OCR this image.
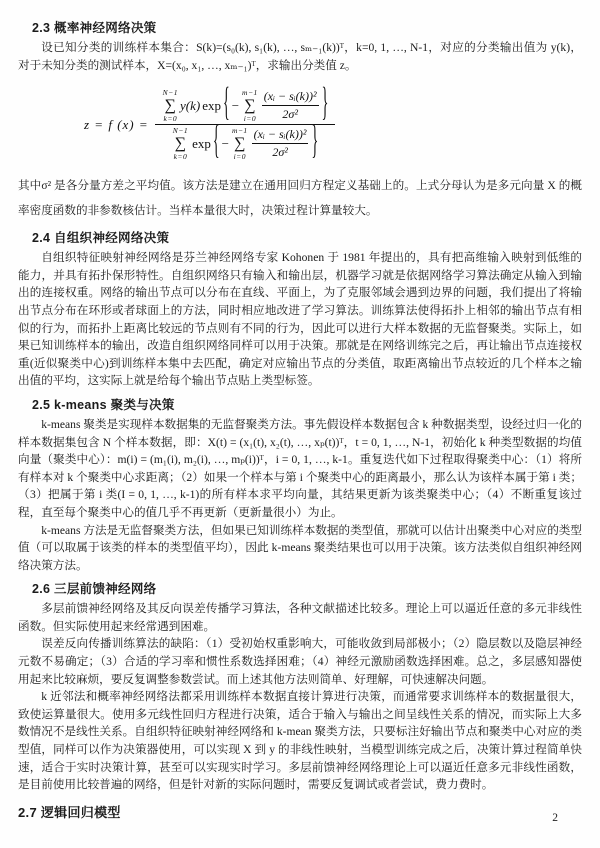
2.3 概率神经网络决策

设已知分类的训练样本集合：S(k)=(s₀(k), s₁(k), …, sₘ₋₁(k))ᵀ，k=0, 1, …, N-1，对应的分类输出值为 y(k)，对于未知分类的测试样本，X=(x₀, x₁, …, xₘ₋₁)ᵀ，求输出分类值 z。

z = f (x) =
N−1
∑
k=0
y(k) exp { −
m−1
∑
$i=0 \frac{\text{(xᵢ − sᵢ(k))²}}{\text{2σ²}}$ }
N−1
∑
k=0
exp { −
m−1
∑
$i=0 \frac{\text{(xᵢ − sᵢ(k))²}}{\text{2σ²}}$ }

其中σ² 是各分量方差之平均值。该方法是建立在通用回归方程定义基础上的。上式分母认为是多元向量 X 的概率密度函数的非参数核估计。当样本量很大时，决策过程计算量较大。

2.4 自组织神经网络决策

自组织特征映射神经网络是芬兰神经网络专家 Kohonen 于 1981 年提出的，具有把高维输入映射到低维的能力，并具有拓扑保形特性。自组织网络只有输入和输出层，机器学习就是依据网络学习算法确定从输入到输出的连接权重。网络的输出节点可以分布在直线、平面上，为了克服邻域会遇到边界的问题，我们提出了将输出节点分布在环形或者球面上的方法，同时相应地改进了学习算法。训练算法使得拓扑上相邻的输出节点有相似的行为，而拓扑上距离比较远的节点则有不同的行为，因此可以进行大样本数据的无监督聚类。实际上，如果已知训练样本的输出，改造自组织网络同样可以用于决策。那就是在网络训练完之后，再让输出节点连接权重(近似聚类中心)到训练样本集中去匹配，确定对应输出节点的分类值，取距离输出节点较近的几个样本之输出值的平均，这实际上就是给每个输出节点贴上类型标签。

2.5 k-means 聚类与决策

k-means 聚类是实现样本数据集的无监督聚类方法。事先假设样本数据包含 k 种数据类型，设经过归一化的样本数据集包含 N 个样本数据，即：X(t) = (x₁(t), x₂(t), …, xₚ(t))ᵀ，t = 0, 1, …, N-1，初始化 k 种类型数据的均值向量（聚类中心）：m(i) = (m₁(i), m₂(i), …, mₚ(i))ᵀ，i = 0, 1, …, k-1。重复迭代如下过程取得聚类中心：（1）将所有样本对 k 个聚类中心求距离；（2）如果一个样本与第 i 个聚类中心的距离最小，那么认为该样本属于第 i 类；（3）把属于第 i 类(I = 0, 1, …, k-1)的所有样本求平均向量，其结果更新为该类聚类中心；（4）不断重复该过程，直至每个聚类中心的值几乎不再更新（更新量很小）为止。

k-means 方法是无监督聚类方法，但如果已知训练样本数据的类型值，那就可以估计出聚类中心对应的类型值（可以取属于该类的样本的类型值平均），因此 k-means 聚类结果也可以用于决策。该方法类似自组织神经网络决策方法。

2.6 三层前馈神经网络

多层前馈神经网络及其反向误差传播学习算法，各种文献描述比较多。理论上可以逼近任意的多元非线性函数。但实际使用起来经常遇到困难。

误差反向传播训练算法的缺陷：（1）受初始权重影响大，可能收敛到局部极小；（2）隐层数以及隐层神经元数不易确定；（3）合适的学习率和惯性系数选择困难；（4）神经元激励函数选择困难。总之，多层感知器使用起来比较麻烦，要反复调整参数尝试。而上述其他方法则简单、好理解，可快速解决问题。

k 近邻法和概率神经网络法都采用训练样本数据直接计算进行决策，而通常要求训练样本的数据量很大，致使运算量很大。使用多元线性回归方程进行决策，适合于输入与输出之间呈线性关系的情况，而实际上大多数情况不是线性关系。自组织特征映射神经网络和 k-mean 聚类方法，只要标注好输出节点和聚类中心对应的类型值，同样可以作为决策器使用，可以实现 X 到 y 的非线性映射，当模型训练完成之后，决策计算过程简单快速，适合于实时决策计算，甚至可以实现实时学习。多层前馈神经网络理论上可以逼近任意多元非线性函数，是目前使用比较普遍的网络，但是针对新的实际问题时，需要反复调试或者尝试，费力费时。

2.7 逻辑回归模型	2
